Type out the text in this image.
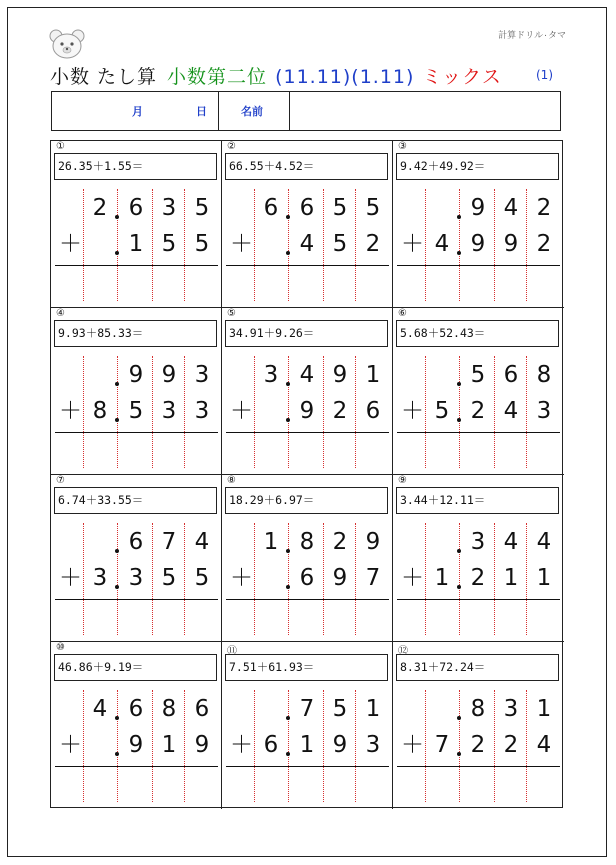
計算ドリル۰タマ
小数 たし算 小数第二位 (11.11)(1.11) ミックス	(1)
月	日	名前
①
26.35＋1.55＝
2 6 3 5
1 5 5
＋
②
66.55＋4.52＝
6 6 5 5
4 5 2
＋
③
9.42＋49.92＝
9 4 2
4 9 9 2
＋
④
9.93＋85.33＝
9 9 3
8 5 3 3
＋
⑤
34.91＋9.26＝
3 4 9 1
9 2 6
＋
⑥
5.68＋52.43＝
5 6 8
5 2 4 3
＋
⑦
6.74＋33.55＝
6 7 4
3 3 5 5
＋
⑧
18.29＋6.97＝
1 8 2 9
6 9 7
＋
⑨
3.44＋12.11＝
3 4 4
1 2 1 1
＋
⑩
46.86＋9.19＝
4 6 8 6
9 1 9
＋
⑪
7.51＋61.93＝
7 5 1
6 1 9 3
＋
⑫
8.31＋72.24＝
8 3 1
7 2 2 4
＋
